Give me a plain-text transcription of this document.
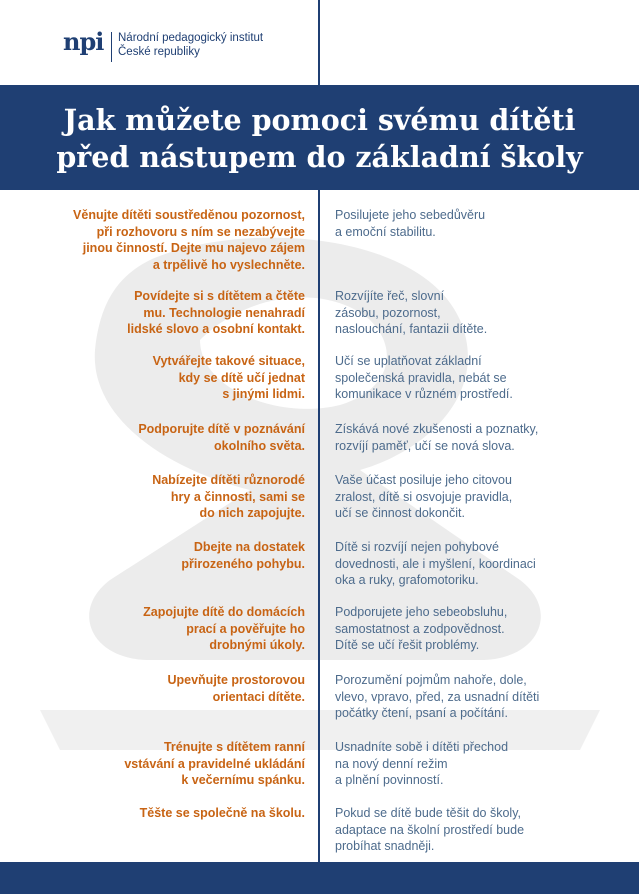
npi Národní pedagogický institut
České republiky
Jak můžete pomoci svému dítěti
před nástupem do základní školy
Věnujte dítěti soustředěnou pozornost,
při rozhovoru s ním se nezabývejte
jinou činností. Dejte mu najevo zájem
a trpělivě ho vyslechněte.
Posilujete jeho sebedůvěru
a emoční stabilitu.
Povídejte si s dítětem a čtěte
mu. Technologie nenahradí
lidské slovo a osobní kontakt.
Rozvíjíte řeč, slovní
zásobu, pozornost,
naslouchání, fantazii dítěte.
Vytvářejte takové situace,
kdy se dítě učí jednat
s jinými lidmi.
Učí se uplatňovat základní
společenská pravidla, nebát se
komunikace v různém prostředí.
Podporujte dítě v poznávání
okolního světa.
Získává nové zkušenosti a poznatky,
rozvíjí paměť, učí se nová slova.
Nabízejte dítěti různorodé
hry a činnosti, sami se
do nich zapojujte.
Vaše účast posiluje jeho citovou
zralost, dítě si osvojuje pravidla,
učí se činnost dokončit.
Dbejte na dostatek
přirozeného pohybu.
Dítě si rozvíjí nejen pohybové
dovednosti, ale i myšlení, koordinaci
oka a ruky, grafomotoriku.
Zapojujte dítě do domácích
prací a pověřujte ho
drobnými úkoly.
Podporujete jeho sebeobsluhu,
samostatnost a zodpovědnost.
Dítě se učí řešit problémy.
Upevňujte prostorovou
orientaci dítěte.
Porozumění pojmům nahoře, dole,
vlevo, vpravo, před, za usnadní dítěti
počátky čtení, psaní a počítání.
Trénujte s dítětem ranní
vstávání a pravidelné ukládání
k večernímu spánku.
Usnadníte sobě i dítěti přechod
na nový denní režim
a plnění povinností.
Těšte se společně na školu. Pokud se dítě bude těšit do školy,
adaptace na školní prostředí bude
probíhat snadněji.
